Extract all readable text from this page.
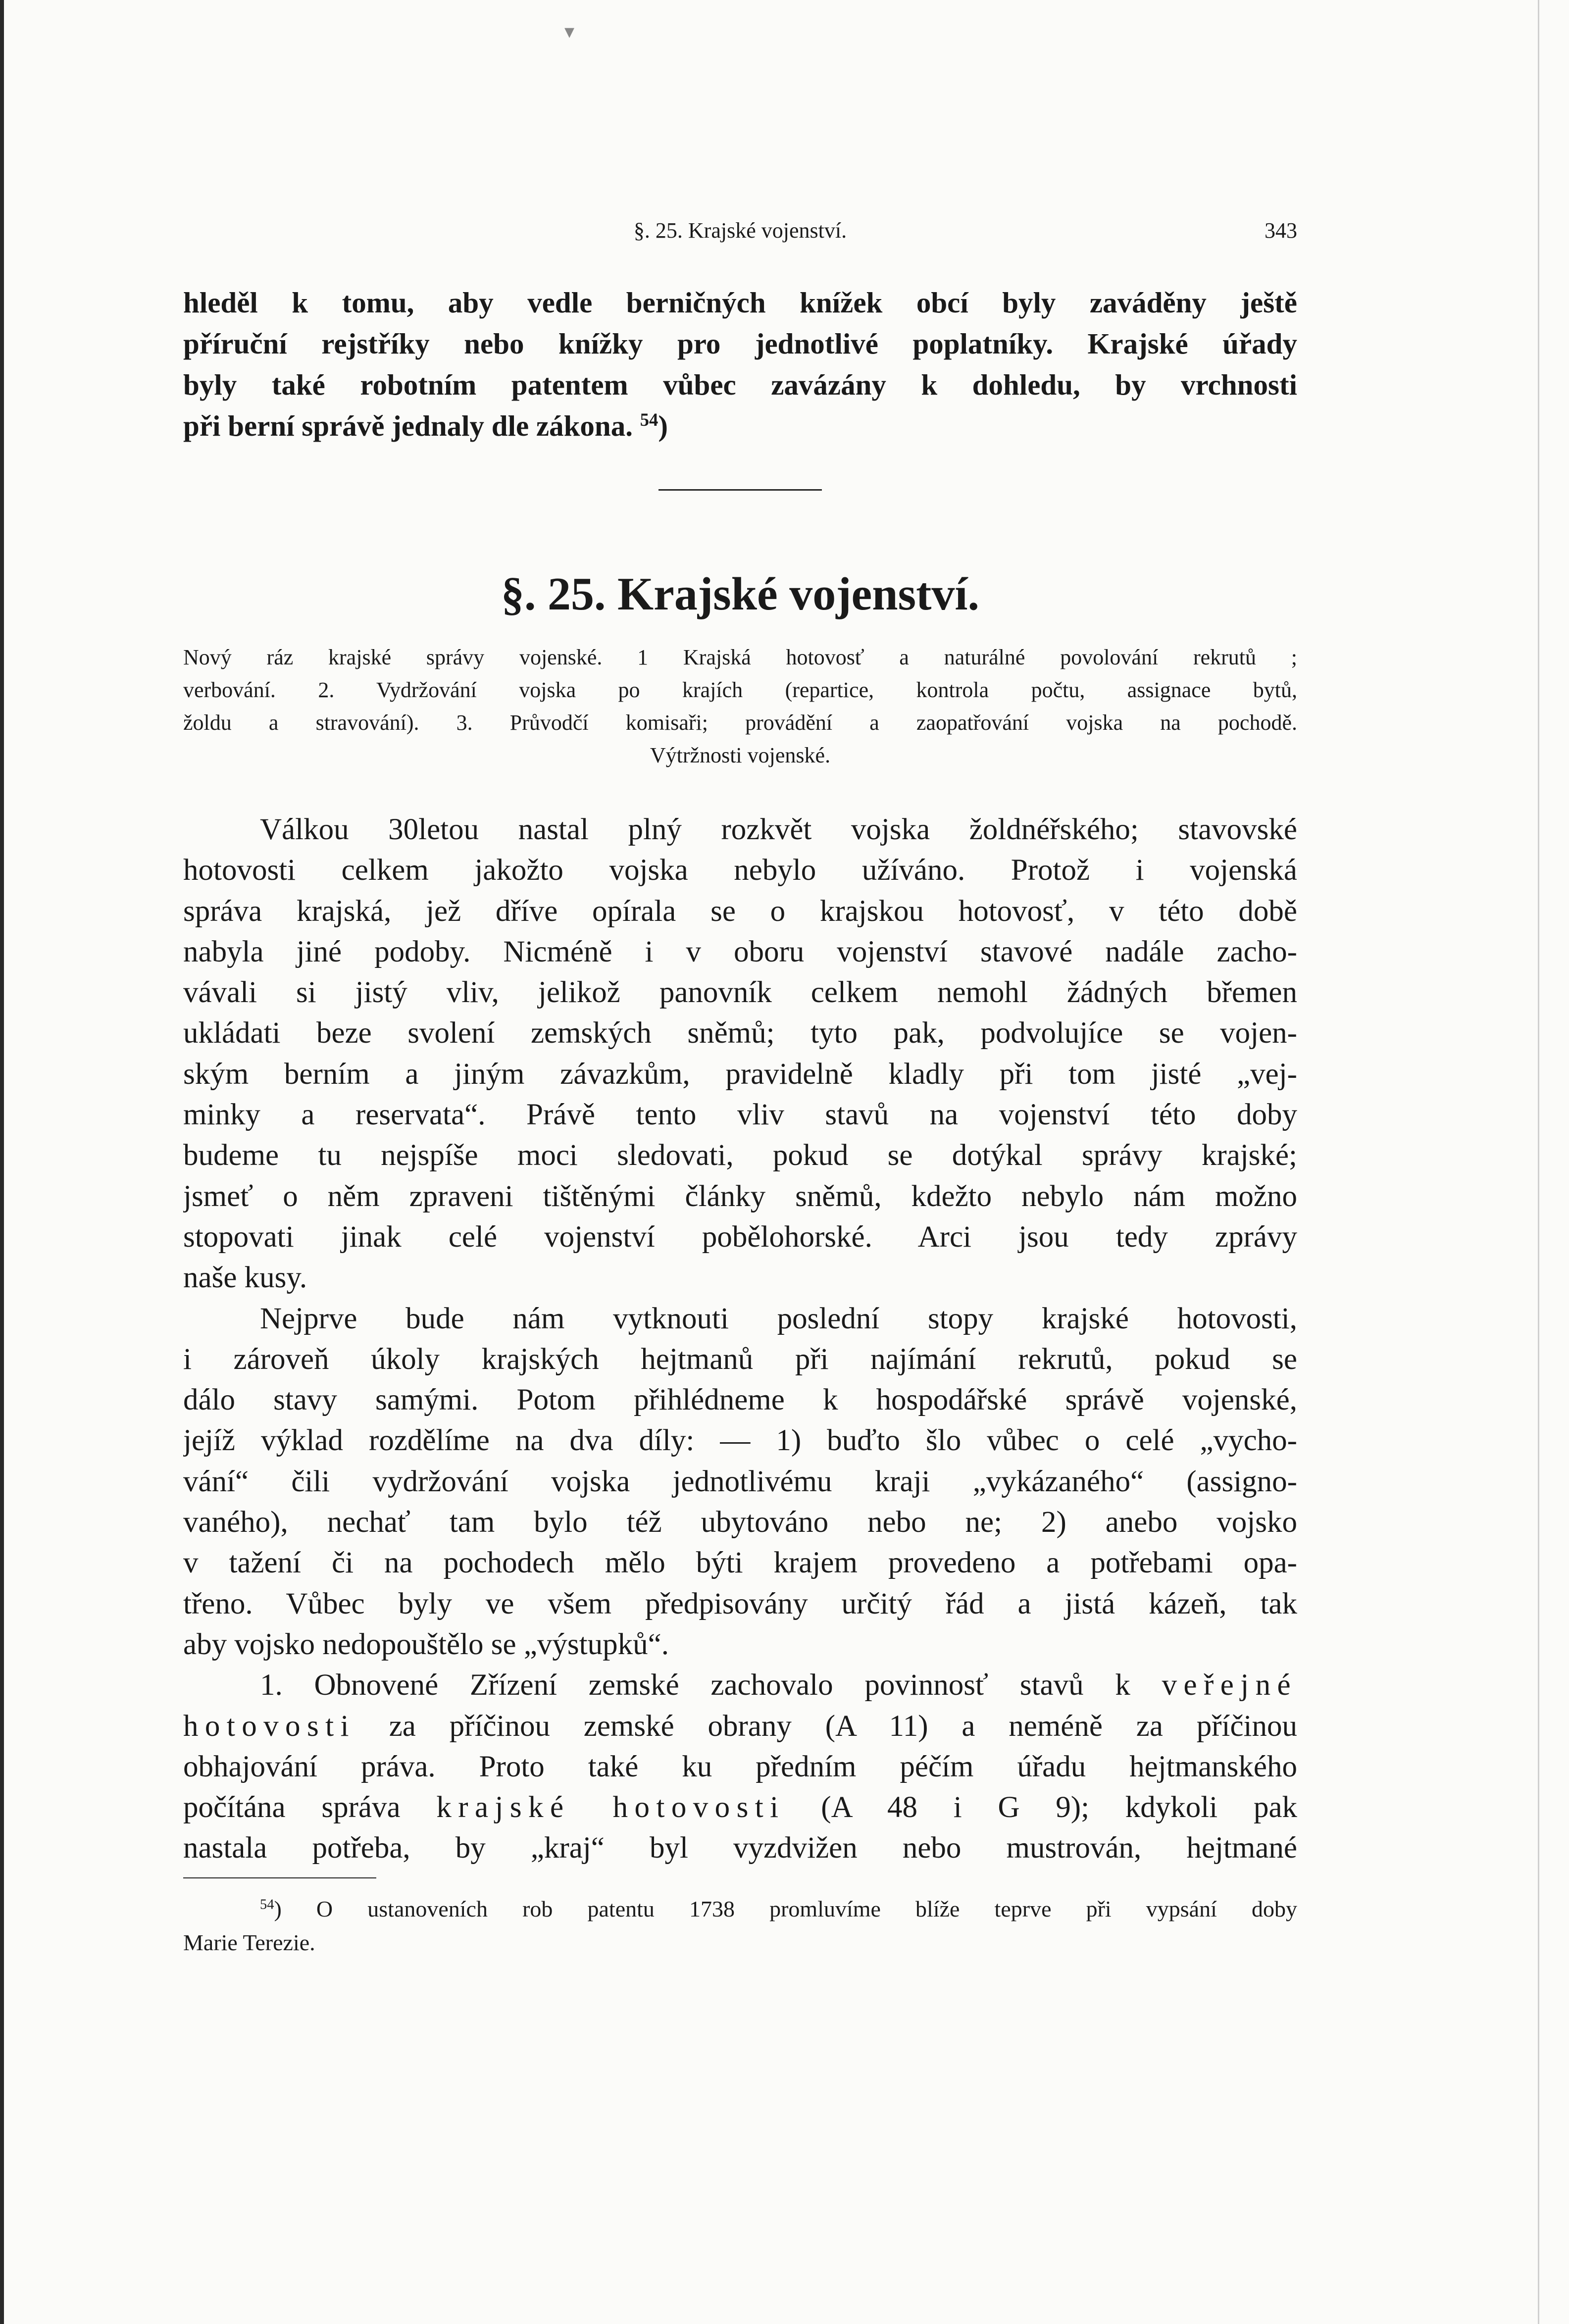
▾
§. 25. Krajské vojenství.	343
hleděl k tomu, aby vedle berničných knížek obcí byly zaváděny ještě
příruční rejstříky nebo knížky pro jednotlivé poplatníky. Krajské úřady
byly také robotním patentem vůbec zavázány k dohledu, by vrchnosti
při berní správě jednaly dle zákona. $^{54}$)
§. 25. Krajské vojenství.
Nový ráz krajské správy vojenské. 1 Krajská hotovosť a naturálné povolování rekrutů ;
verbování. 2. Vydržování vojska po krajích (repartice, kontrola počtu, assignace bytů,
žoldu a stravování). 3. Průvodčí komisaři; provádění a zaopatřování vojska na pochodě.
Výtržnosti vojenské.
Válkou 30letou nastal plný rozkvět vojska žoldnéřského; stavovské
hotovosti celkem jakožto vojska nebylo užíváno. Protož i vojenská
správa krajská, jež dříve opírala se o krajskou hotovosť, v této době
nabyla jiné podoby. Nicméně i v oboru vojenství stavové nadále zacho-
vávali si jistý vliv, jelikož panovník celkem nemohl žádných břemen
ukládati beze svolení zemských sněmů; tyto pak, podvolujíce se vojen-
ským berním a jiným závazkům, pravidelně kladly při tom jisté „vej-
minky a reservata“. Právě tento vliv stavů na vojenství této doby
budeme tu nejspíše moci sledovati, pokud se dotýkal správy krajské;
jsmeť o něm zpraveni tištěnými články sněmů, kdežto nebylo nám možno
stopovati jinak celé vojenství pobělohorské. Arci jsou tedy zprávy
naše kusy.
Nejprve bude nám vytknouti poslední stopy krajské hotovosti,
i zároveň úkoly krajských hejtmanů při najímání rekrutů, pokud se
dálo stavy samými. Potom přihlédneme k hospodářské správě vojenské,
jejíž výklad rozdělíme na dva díly: — 1) buďto šlo vůbec o celé „vycho-
vání“ čili vydržování vojska jednotlivému kraji „vykázaného“ (assigno-
vaného), nechať tam bylo též ubytováno nebo ne; 2) anebo vojsko
v tažení či na pochodech mělo býti krajem provedeno a potřebami opa-
třeno. Vůbec byly ve všem předpisovány určitý řád a jistá kázeň, tak
aby vojsko nedopouštělo se „výstupků“.
1. Obnovené Zřízení zemské zachovalo povinnosť stavů k veřejné
hotovosti za příčinou zemské obrany (A 11) a neméně za příčinou
obhajování práva. Proto také ku předním péčím úřadu hejtmanského
počítána správa krajské hotovosti (A 48 i G 9); kdykoli pak
nastala potřeba, by „kraj“ byl vyzdvižen nebo mustrován, hejtmané
$^{54}$) O ustanoveních rob patentu 1738 promluvíme blíže teprve při vypsání doby
Marie Terezie.
